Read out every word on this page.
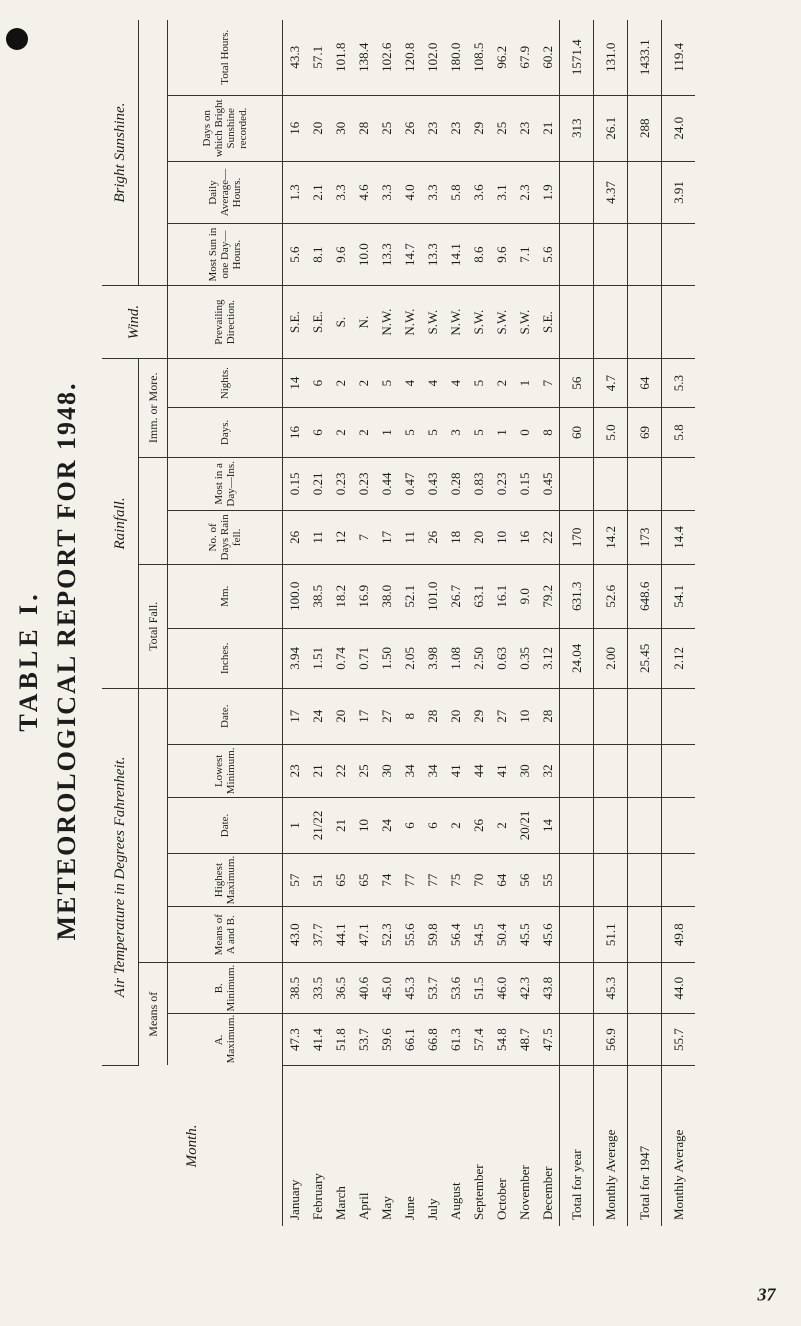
TABLE I. METEOROLOGICAL REPORT FOR 1948.
Month.	Air Temperature in Degrees Fahrenheit.							Rainfall.						Wind.	Bright Sunshine.			
	Means of							Total Fall.				Imm. or More.						
	A. Maximum.	B. Minimum.	Means of A and B.	Highest Maximum.	Date.	Lowest Minimum.	Date.	Inches.	Mm.	No. of Days Rain fell.	Most in a Day—Ins.	Days.	Nights.	Prevailing Direction.	Most Sun in one Day—Hours.	Daily Average—Hours.	Days on which Bright Sunshine recorded.	Total Hours.
January	47.3	38.5	43.0	57	1	23	17	3.94	100.0	26	0.15	16	14	S.E.	5.6	1.3	16	43.3
February	41.4	33.5	37.7	51	21/22	21	24	1.51	38.5	11	0.21	6	6	S.E.	8.1	2.1	20	57.1
March	51.8	36.5	44.1	65	21	22	20	0.74	18.2	12	0.23	2	2	S.	9.6	3.3	30	101.8
April	53.7	40.6	47.1	65	10	25	17	0.71	16.9	7	0.23	2	2	N.	10.0	4.6	28	138.4
May	59.6	45.0	52.3	74	24	30	27	1.50	38.0	17	0.44	1	5	N.W.	13.3	3.3	25	102.6
June	66.1	45.3	55.6	77	6	34	8	2.05	52.1	11	0.47	5	4	N.W.	14.7	4.0	26	120.8
July	66.8	53.7	59.8	77	6	34	28	3.98	101.0	26	0.43	5	4	S.W.	13.3	3.3	23	102.0
August	61.3	53.6	56.4	75	2	41	20	1.08	26.7	18	0.28	3	4	N.W.	14.1	5.8	23	180.0
September	57.4	51.5	54.5	70	26	44	29	2.50	63.1	20	0.83	5	5	S.W.	8.6	3.6	29	108.5
October	54.8	46.0	50.4	64	2	41	27	0.63	16.1	10	0.23	1	2	S.W.	9.6	3.1	25	96.2
November	48.7	42.3	45.5	56	20/21	30	10	0.35	9.0	16	0.15	0	1	S.W.	7.1	2.3	23	67.9
December	47.5	43.8	45.6	55	14	32	28	3.12	79.2	22	0.45	8	7	S.E.	5.6	1.9	21	60.2
Total for year								24.04	631.3	170		60	56				313	1571.4
Monthly Average	56.9	45.3	51.1					2.00	52.6	14.2		5.0	4.7			4.37	26.1	131.0
Total for 1947								25.45	648.6	173		69	64				288	1433.1
Monthly Average	55.7	44.0	49.8					2.12	54.1	14.4		5.8	5.3			3.91	24.0	119.4
37
